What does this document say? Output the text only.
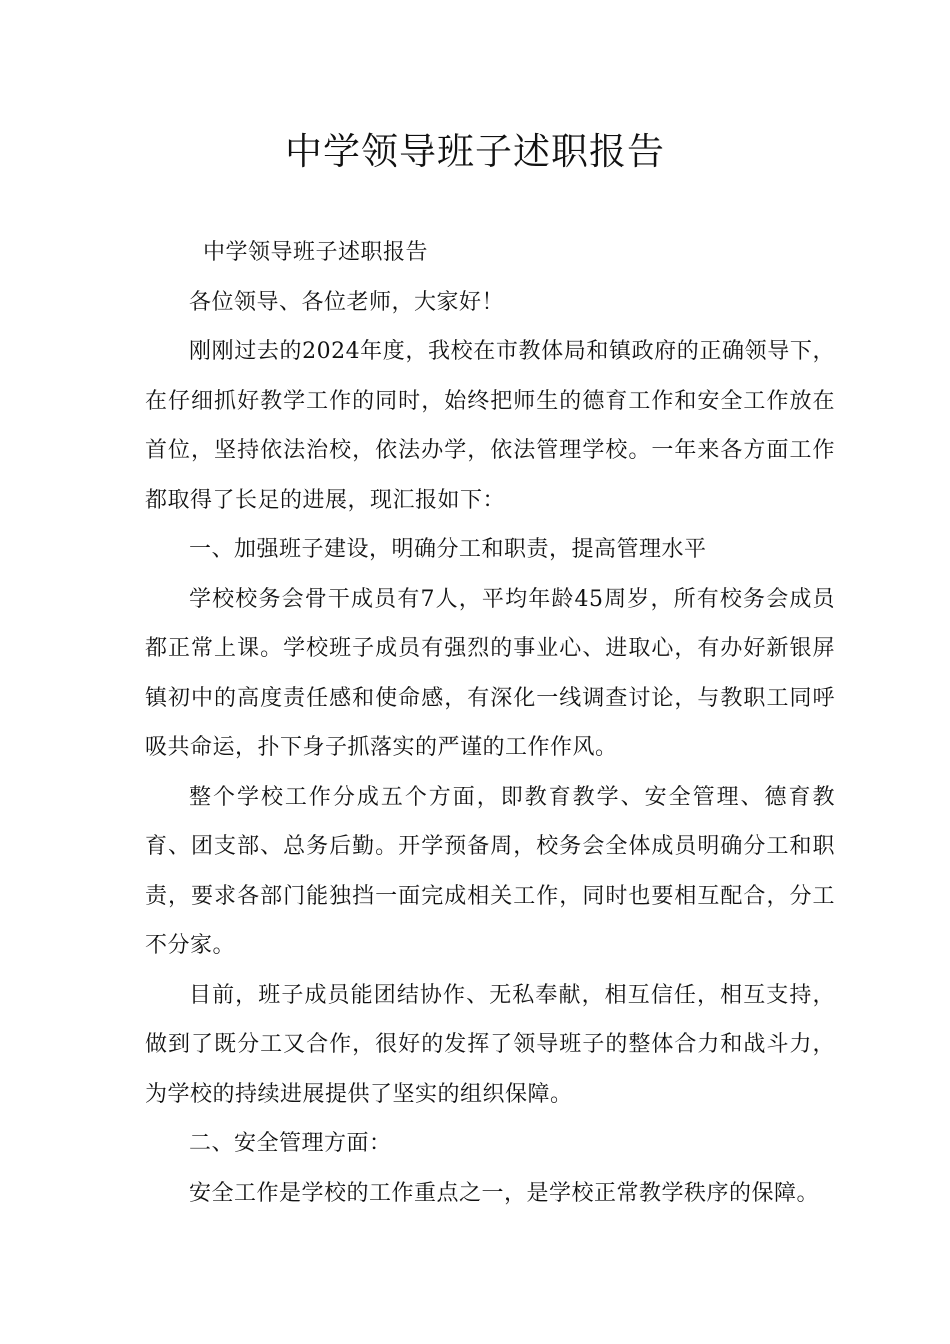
中学领导班子述职报告

中学领导班子述职报告

各位领导、各位老师，大家好！

刚刚过去的2024年度，我校在市教体局和镇政府的正确领导下，在仔细抓好教学工作的同时，始终把师生的德育工作和安全工作放在首位，坚持依法治校，依法办学，依法管理学校。一年来各方面工作都取得了长足的进展，现汇报如下：

一、加强班子建设，明确分工和职责，提高管理水平

学校校务会骨干成员有7人，平均年龄45周岁，所有校务会成员都正常上课。学校班子成员有强烈的事业心、进取心，有办好新银屏镇初中的高度责任感和使命感，有深化一线调查讨论，与教职工同呼吸共命运，扑下身子抓落实的严谨的工作作风。

整个学校工作分成五个方面，即教育教学、安全管理、德育教育、团支部、总务后勤。开学预备周，校务会全体成员明确分工和职责，要求各部门能独挡一面完成相关工作，同时也要相互配合，分工不分家。

目前，班子成员能团结协作、无私奉献，相互信任，相互支持，做到了既分工又合作，很好的发挥了领导班子的整体合力和战斗力，为学校的持续进展提供了坚实的组织保障。

二、安全管理方面：

安全工作是学校的工作重点之一，是学校正常教学秩序的保障。
